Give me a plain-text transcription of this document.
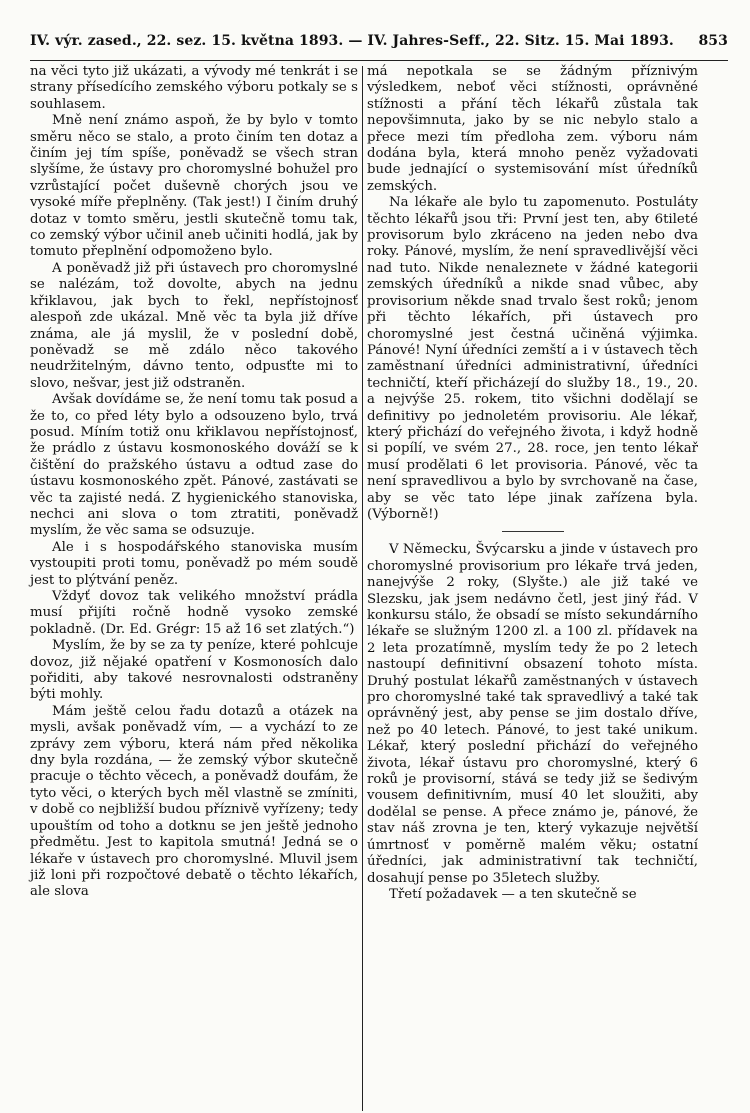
IV. výr. zased., 22. sez. 15. května 1893. — IV. Jahres-Seff., 22. Sitz. 15. Mai 1893. 853

na věci tyto již ukázati, a vývody mé tenkrát i se strany přísedícího zemského výboru potkaly se s souhlasem.

Mně není známo aspoň, že by bylo v tomto směru něco se stalo, a proto činím ten dotaz a činím jej tím spíše, poněvadž se všech stran slyšíme, že ústavy pro choromyslné bohužel pro vzrůstající počet duševně chorých jsou ve vysoké míře přeplněny. (Tak jest!) I činím druhý dotaz v tomto směru, jestli skutečně tomu tak, co zemský výbor učinil aneb učiniti hodlá, jak by tomuto přeplnění odpomoženo bylo.

A poněvadž již při ústavech pro choromyslné se nalézám, tož dovolte, abych na jednu křiklavou, jak bych to řekl, nepřístojnosť alespoň zde ukázal. Mně věc ta byla již dříve známa, ale já myslil, že v poslední době, poněvadž se mě zdálo něco takového neudržitelným, dávno tento, odpusťte mi to slovo, nešvar, jest již odstraněn.

Avšak dovídáme se, že není tomu tak posud a že to, co před léty bylo a odsouzeno bylo, trvá posud. Míním totiž onu křiklavou nepřístojnosť, že prádlo z ústavu kosmonoského dováží se k čištění do pražského ústavu a odtud zase do ústavu kosmonoského zpět. Pánové, zastávati se věc ta zajisté nedá. Z hygienického stanoviska, nechci ani slova o tom ztratiti, poněvadž myslím, že věc sama se odsuzuje.

Ale i s hospodářského stanoviska musím vystoupiti proti tomu, poněvadž po mém soudě jest to plýtvání peněz.

Vždyť dovoz tak velikého množství prádla musí přijíti ročně hodně vysoko zemské pokladně. (Dr. Ed. Grégr: 15 až 16 set zlatých.“)

Myslím, že by se za ty peníze, které pohlcuje dovoz, již nějaké opatření v Kosmonosích dalo pořiditi, aby takové nesrovnalosti odstraněny býti mohly.

Mám ještě celou řadu dotazů a otázek na mysli, avšak poněvadž vím, — a vychází to ze zprávy zem výboru, která nám před několika dny byla rozdána, — že zemský výbor skutečně pracuje o těchto věcech, a poněvadž doufám, že tyto věci, o kterých bych měl vlastně se zmíniti, v době co nejbližší budou příznivě vyřízeny; tedy upouštím od toho a dotknu se jen ještě jednoho předmětu. Jest to kapitola smutná! Jedná se o lékaře v ústavech pro choromyslné. Mluvil jsem již loni při rozpočtové debatě o těchto lékařích, ale slova

má nepotkala se se žádným příznivým výsledkem, neboť věci stížnosti, oprávněné stížnosti a přání těch lékařů zůstala tak nepovšimnuta, jako by se nic nebylo stalo a přece mezi tím předloha zem. výboru nám dodána byla, která mnoho peněz vyžadovati bude jednající o systemisování míst úředníků zemských.

Na lékaře ale bylo tu zapomenuto. Postuláty těchto lékařů jsou tři: První jest ten, aby 6tileté provisorum bylo zkráceno na jeden nebo dva roky. Pánové, myslím, že není spravedlivější věci nad tuto. Nikde nenaleznete v žádné kategorii zemských úředníků a nikde snad vůbec, aby provisorium někde snad trvalo šest roků; jenom při těchto lékařích, při ústavech pro choromyslné jest čestná učiněná výjimka. Pánové! Nyní úředníci zemští a i v ústavech těch zaměstnaní úředníci administrativní, úředníci techničtí, kteří přicházejí do služby 18., 19., 20. a nejvýše 25. rokem, tito všichni dodělají se definitivy po jednoletém provisoriu. Ale lékař, který přichází do veřejného života, i když hodně si popílí, ve svém 27., 28. roce, jen tento lékař musí prodělati 6 let provisoria. Pánové, věc ta není spravedlivou a bylo by svrchovaně na čase, aby se věc tato lépe jinak zařízena byla. (Výborně!)

V Německu, Švýcarsku a jinde v ústavech pro choromyslné provisorium pro lékaře trvá jeden, nanejvýše 2 roky, (Slyšte.) ale již také ve Slezsku, jak jsem nedávno četl, jest jiný řád. V konkursu stálo, že obsadí se místo sekundárního lékaře se služným 1200 zl. a 100 zl. přídavek na 2 leta prozatímně, myslím tedy že po 2 letech nastoupí definitivní obsazení tohoto místa. Druhý postulat lékařů zaměstnaných v ústavech pro choromyslné také tak spravedlivý a také tak oprávněný jest, aby pense se jim dostalo dříve, než po 40 letech. Pánové, to jest také unikum. Lékař, který poslední přichází do veřejného života, lékař ústavu pro choromyslné, který 6 roků je provisorní, stává se tedy již se šedivým vousem definitivním, musí 40 let sloužiti, aby dodělal se pense. A přece známo je, pánové, že stav náš zrovna je ten, který vykazuje největší úmrtnosť v poměrně malém věku; ostatní úředníci, jak administrativní tak techničtí, dosahují pense po 35letech služby.

Třetí požadavek — a ten skutečně se
